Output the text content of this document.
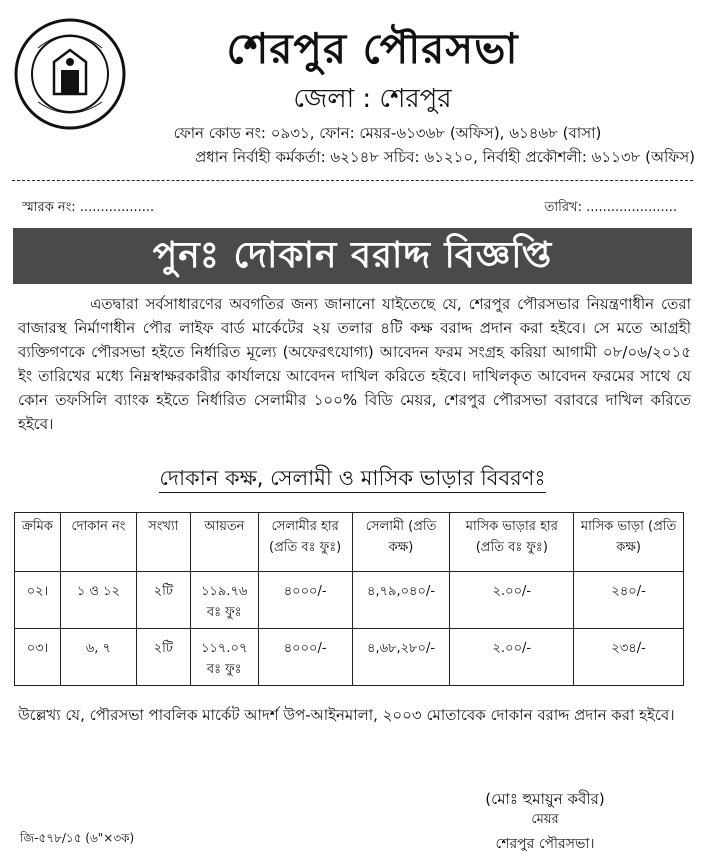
শেরপুর পৌরসভা
জেলা : শেরপুর
ফোন কোড নং: ০৯৩১, ফোন: মেয়র-৬১৩৬৮ (অফিস), ৬১৪৬৮ (বাসা)
প্রধান নির্বাহী কর্মকর্তা: ৬২১৪৮ সচিব: ৬১২১০, নির্বাহী প্রকৌশলী: ৬১১৩৮ (অফিস)
স্মারক নং: ..................	তারিখ: ......................
পুনঃ দোকান বরাদ্দ বিজ্ঞপ্তি
এতদ্বারা সর্বসাধারণের অবগতির জন্য জানানো যাইতেছে যে, শেরপুর পৌরসভার নিয়ন্ত্রণাধীন তেরা বাজারস্থ নির্মাণাধীন পৌর লাইফ বার্ড মার্কেটের ২য় তলার ৪টি কক্ষ বরাদ্দ প্রদান করা হইবে। সে মতে আগ্রহী ব্যক্তিগণকে পৌরসভা হইতে নির্ধারিত মূল্যে (অফেরৎযোগ্য) আবেদন ফরম সংগ্রহ করিয়া আগামী ০৮/০৬/২০১৫ ইং তারিখের মধ্যে নিম্নস্বাক্ষরকারীর কার্যালয়ে আবেদন দাখিল করিতে হইবে। দাখিলকৃত আবেদন ফরমের সাথে যে কোন তফসিলি ব্যাংক হইতে নির্ধারিত সেলামীর ১০০% বিডি মেয়র, শেরপুর পৌরসভা বরাবরে দাখিল করিতে হইবে।
দোকান কক্ষ, সেলামী ও মাসিক ভাড়ার বিবরণঃ
ক্রমিক	দোকান নং	সংখ্যা	আয়তন	সেলামীর হার (প্রতি বঃ ফুঃ)	সেলামী (প্রতি কক্ষ)	মাসিক ভাড়ার হার (প্রতি বঃ ফুঃ)	মাসিক ভাড়া (প্রতি কক্ষ)
০২।	১ ও ১২	২টি	১১৯.৭৬ বঃ ফুঃ	৪০০০/-	৪,৭৯,০৪০/-	২.০০/-	২৪০/-
০৩।	৬, ৭	২টি	১১৭.০৭ বঃ ফুঃ	৪০০০/-	৪,৬৮,২৮০/-	২.০০/-	২৩৪/-
উল্লেখ্য যে, পৌরসভা পাবলিক মার্কেট আদর্শ উপ-আইনমালা, ২০০৩ মোতাবেক দোকান বরাদ্দ প্রদান করা হইবে।
(মোঃ হুমায়ুন কবীর)
মেয়র
শেরপুর পৌরসভা।
জি-৫৭৮/১৫ (৬"×৩ক)
